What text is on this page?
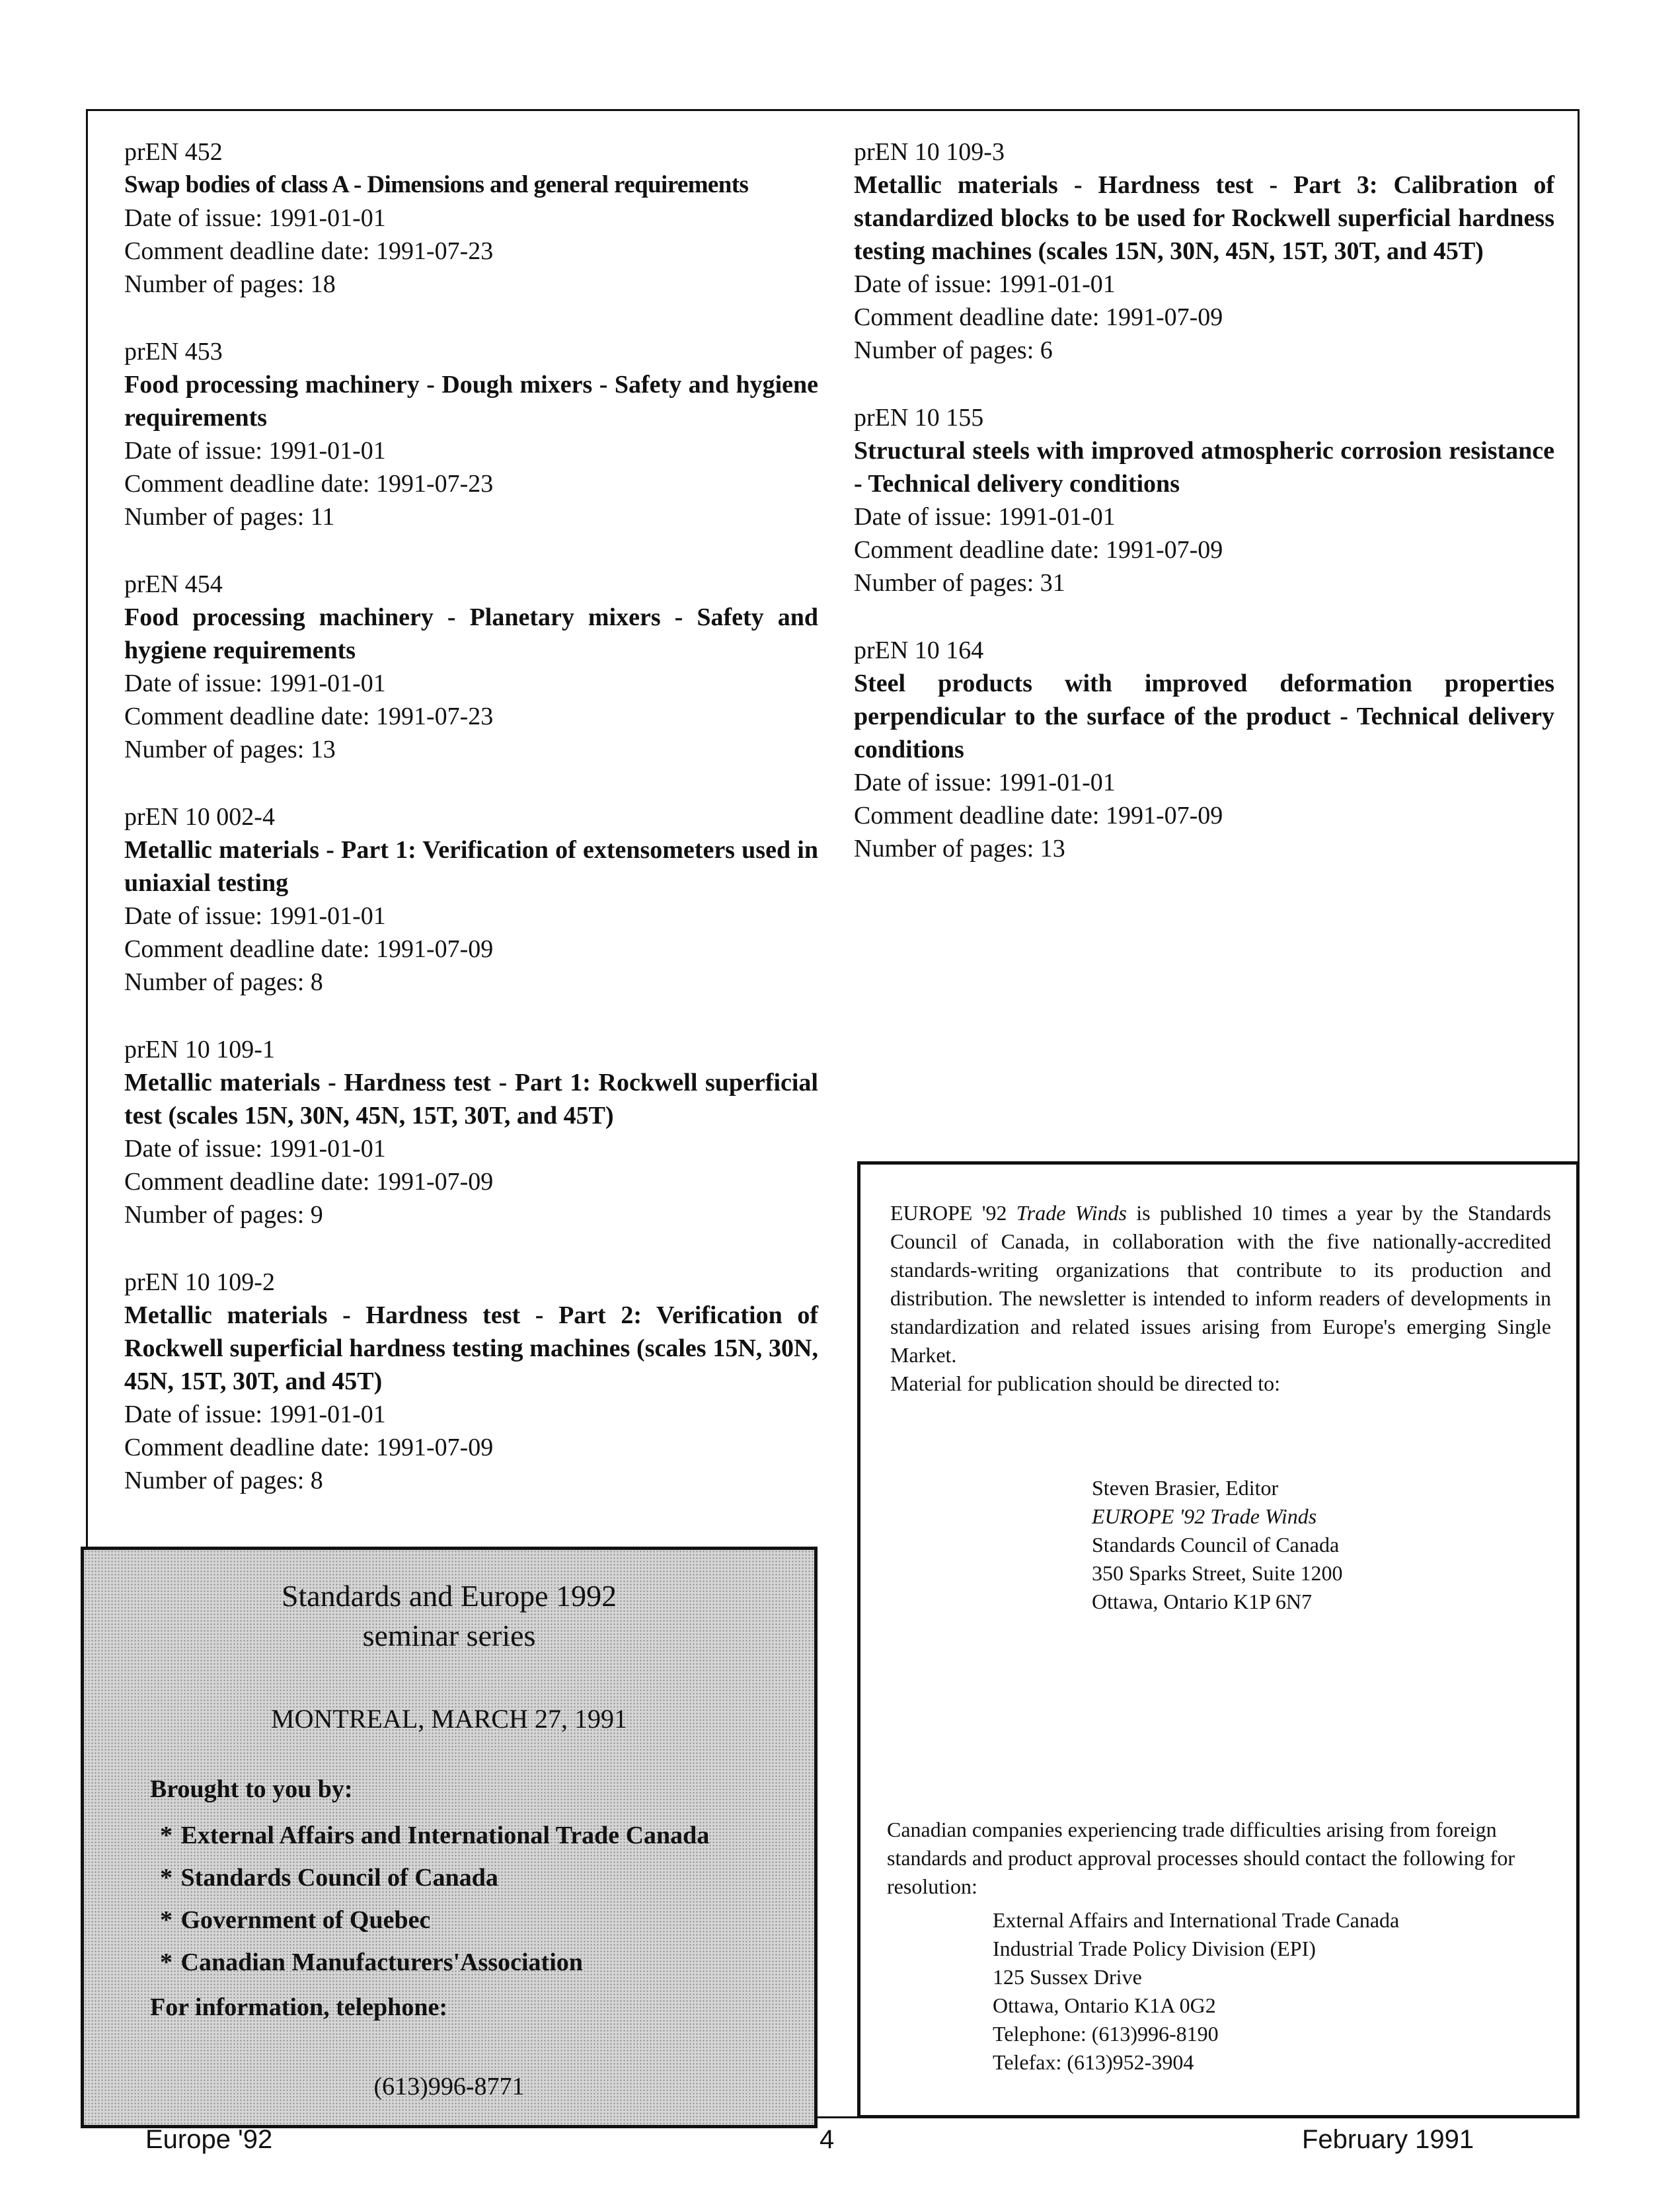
prEN 452
Swap bodies of class A - Dimensions and general requirements
Date of issue: 1991-01-01
Comment deadline date: 1991-07-23
Number of pages: 18
prEN 453
Food processing machinery - Dough mixers - Safety and hygiene requirements
Date of issue: 1991-01-01
Comment deadline date: 1991-07-23
Number of pages: 11
prEN 454
Food processing machinery - Planetary mixers - Safety and hygiene requirements
Date of issue: 1991-01-01
Comment deadline date: 1991-07-23
Number of pages: 13
prEN 10 002-4
Metallic materials - Part 1: Verification of extensometers used in uniaxial testing
Date of issue: 1991-01-01
Comment deadline date: 1991-07-09
Number of pages: 8
prEN 10 109-1
Metallic materials - Hardness test - Part 1: Rockwell superficial test (scales 15N, 30N, 45N, 15T, 30T, and 45T)
Date of issue: 1991-01-01
Comment deadline date: 1991-07-09
Number of pages: 9
prEN 10 109-2
Metallic materials - Hardness test - Part 2: Verification of Rockwell superficial hardness testing machines (scales 15N, 30N, 45N, 15T, 30T, and 45T)
Date of issue: 1991-01-01
Comment deadline date: 1991-07-09
Number of pages: 8
prEN 10 109-3
Metallic materials - Hardness test - Part 3: Calibration of standardized blocks to be used for Rockwell superficial hardness testing machines (scales 15N, 30N, 45N, 15T, 30T, and 45T)
Date of issue: 1991-01-01
Comment deadline date: 1991-07-09
Number of pages: 6
prEN 10 155
Structural steels with improved atmospheric corrosion resistance - Technical delivery conditions
Date of issue: 1991-01-01
Comment deadline date: 1991-07-09
Number of pages: 31
prEN 10 164
Steel products with improved deformation properties perpendicular to the surface of the product - Technical delivery conditions
Date of issue: 1991-01-01
Comment deadline date: 1991-07-09
Number of pages: 13
Standards and Europe 1992
seminar series
MONTREAL, MARCH 27, 1991
Brought to you by:
* External Affairs and International Trade Canada
* Standards Council of Canada
* Government of Quebec
* Canadian Manufacturers'Association
For information, telephone:
(613)996-8771
EUROPE '92 Trade Winds is published 10 times a year by the Standards Council of Canada, in collaboration with the five nationally-accredited standards-writing organizations that contribute to its production and distribution. The newsletter is intended to inform readers of developments in standardization and related issues arising from Europe's emerging Single Market.
Material for publication should be directed to:
Steven Brasier, Editor
EUROPE '92 Trade Winds
Standards Council of Canada
350 Sparks Street, Suite 1200
Ottawa, Ontario K1P 6N7
Canadian companies experiencing trade difficulties arising from foreign standards and product approval processes should contact the following for resolution:
External Affairs and International Trade Canada
Industrial Trade Policy Division (EPI)
125 Sussex Drive
Ottawa, Ontario K1A 0G2
Telephone: (613)996-8190
Telefax: (613)952-3904
Europe '92	4	February 1991
